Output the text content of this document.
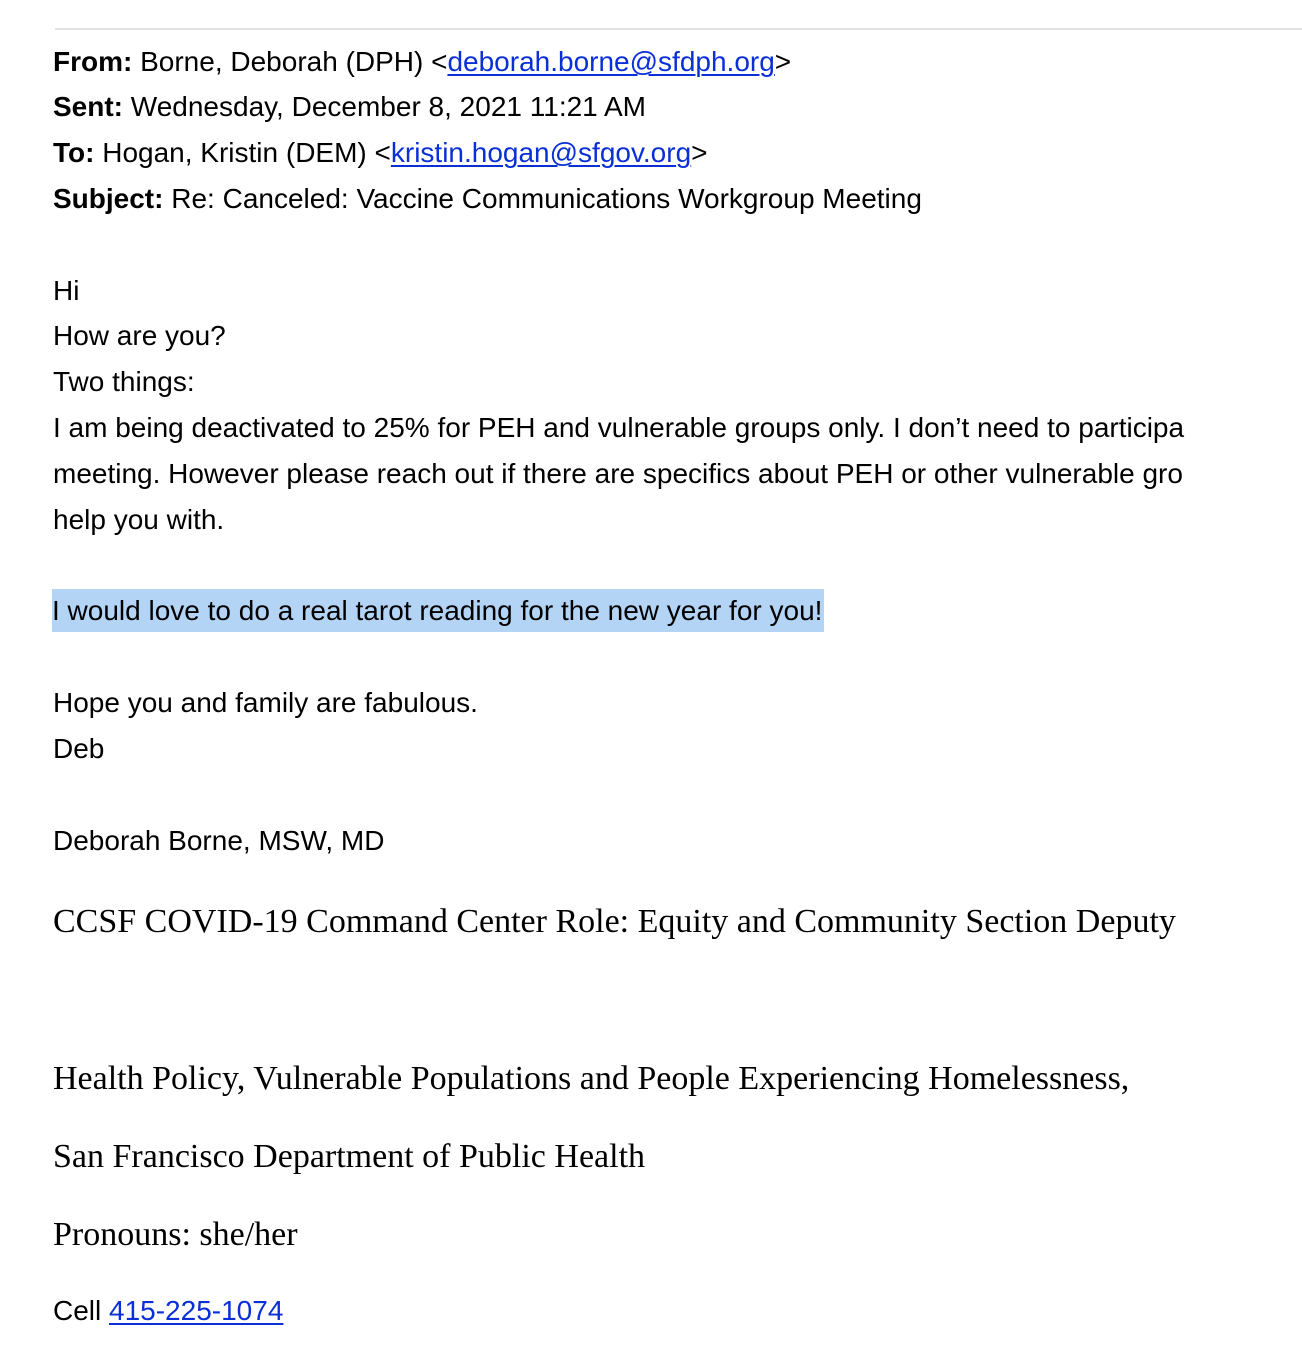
From: Borne, Deborah (DPH) <deborah.borne@sfdph.org>
Sent: Wednesday, December 8, 2021 11:21 AM
To: Hogan, Kristin (DEM) <kristin.hogan@sfgov.org>
Subject: Re: Canceled: Vaccine Communications Workgroup Meeting
Hi
How are you?
Two things:
I am being deactivated to 25% for PEH and vulnerable groups only. I don’t need to participa
meeting. However please reach out if there are specifics about PEH or other vulnerable gro
help you with.
I would love to do a real tarot reading for the new year for you!
Hope you and family are fabulous.
Deb
Deborah Borne, MSW, MD
CCSF COVID-19 Command Center Role: Equity and Community Section Deputy
Health Policy, Vulnerable Populations and People Experiencing Homelessness,
San Francisco Department of Public Health
Pronouns: she/her
Cell 415-225-1074
